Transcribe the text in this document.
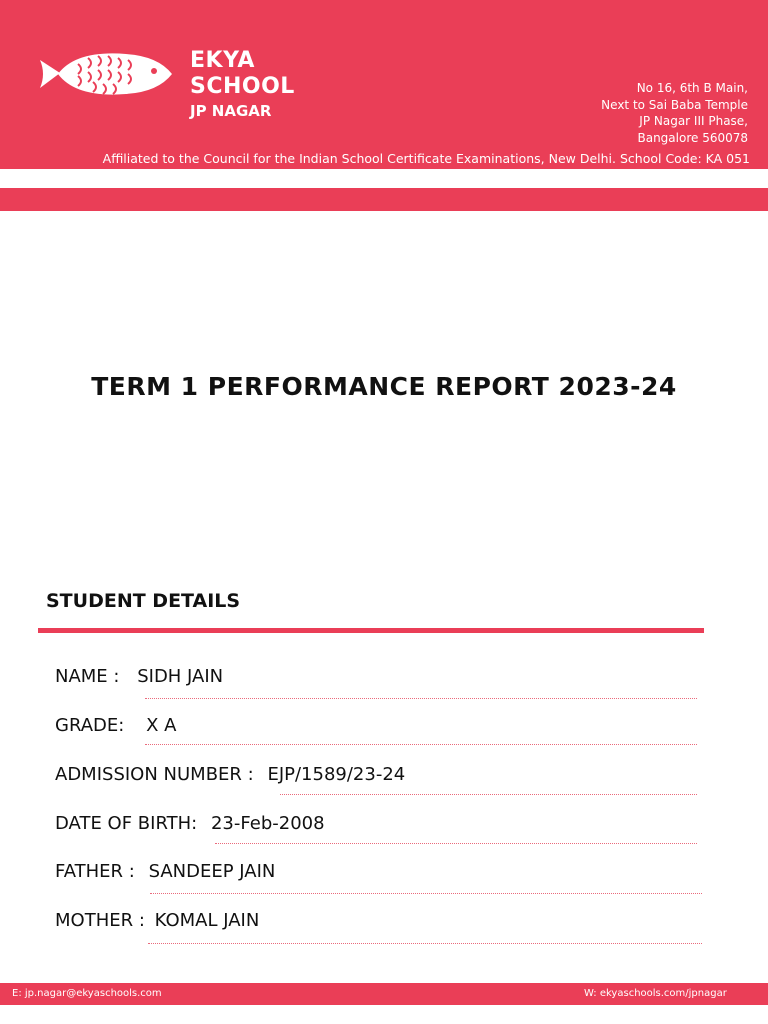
EKYA
SCHOOL
JP NAGAR
No 16, 6th B Main,
Next to Sai Baba Temple
JP Nagar III Phase,
Bangalore 560078
Affiliated to the Council for the Indian School Certificate Examinations, New Delhi. School Code: KA 051
TERM 1 PERFORMANCE REPORT 2023-24
STUDENT DETAILS
NAME : SIDH JAIN
GRADE: X A
ADMISSION NUMBER : EJP/1589/23-24
DATE OF BIRTH: 23-Feb-2008
FATHER : SANDEEP JAIN
MOTHER : KOMAL JAIN
E: jp.nagar@ekyaschools.com	W: ekyaschools.com/jpnagar
